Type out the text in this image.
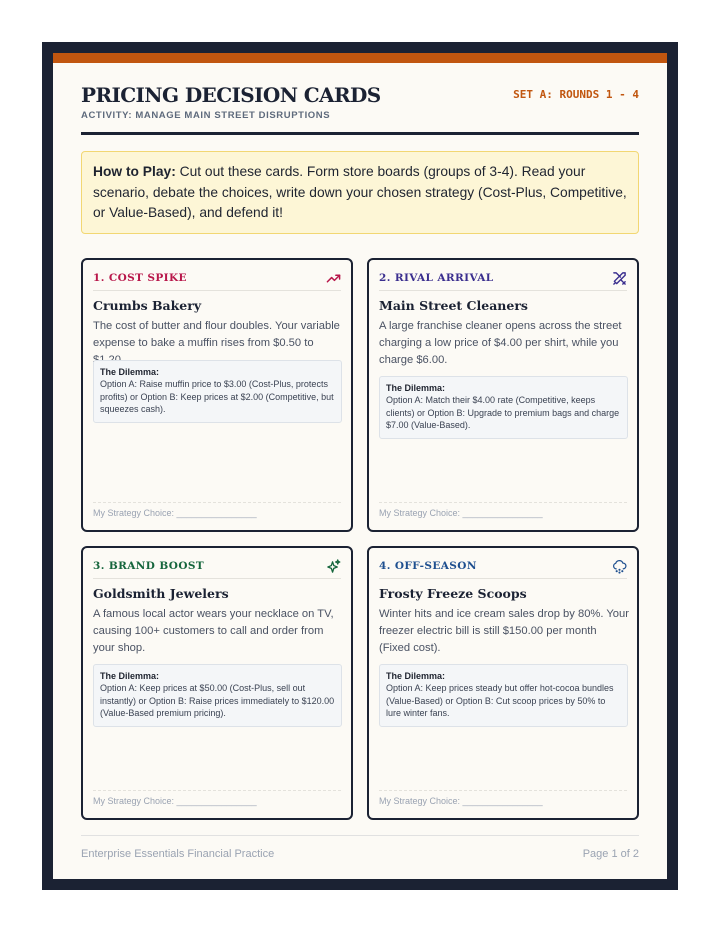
PRICING DECISION CARDS
ACTIVITY: MANAGE MAIN STREET DISRUPTIONS
SET A: ROUNDS 1 - 4
How to Play: Cut out these cards. Form store boards (groups of 3-4). Read your scenario, debate the choices, write down your chosen strategy (Cost-Plus, Competitive, or Value-Based), and defend it!
1. COST SPIKE
Crumbs Bakery
The cost of butter and flour doubles. Your variable expense to bake a muffin rises from $0.50 to
The Dilemma:
Option A: Raise muffin price to $3.00 (Cost-Plus, protects profits) or Option B: Keep prices at $2.00 (Competitive, but squeezes cash).
My Strategy Choice: ________________
2. RIVAL ARRIVAL
Main Street Cleaners
A large franchise cleaner opens across the street charging a low price of $4.00 per shirt, while you charge $6.00.
The Dilemma:
Option A: Match their $4.00 rate (Competitive, keeps clients) or Option B: Upgrade to premium bags and charge $7.00 (Value-Based).
My Strategy Choice: ________________
3. BRAND BOOST
Goldsmith Jewelers
A famous local actor wears your necklace on TV, causing 100+ customers to call and order from your shop.
The Dilemma:
Option A: Keep prices at $50.00 (Cost-Plus, sell out instantly) or Option B: Raise prices immediately to $120.00 (Value-Based premium pricing).
My Strategy Choice: ________________
4. OFF-SEASON
Frosty Freeze Scoops
Winter hits and ice cream sales drop by 80%. Your freezer electric bill is still $150.00 per month (Fixed cost).
The Dilemma:
Option A: Keep prices steady but offer hot-cocoa bundles (Value-Based) or Option B: Cut scoop prices by 50% to lure winter fans.
My Strategy Choice: ________________
Enterprise Essentials Financial Practice	Page 1 of 2
